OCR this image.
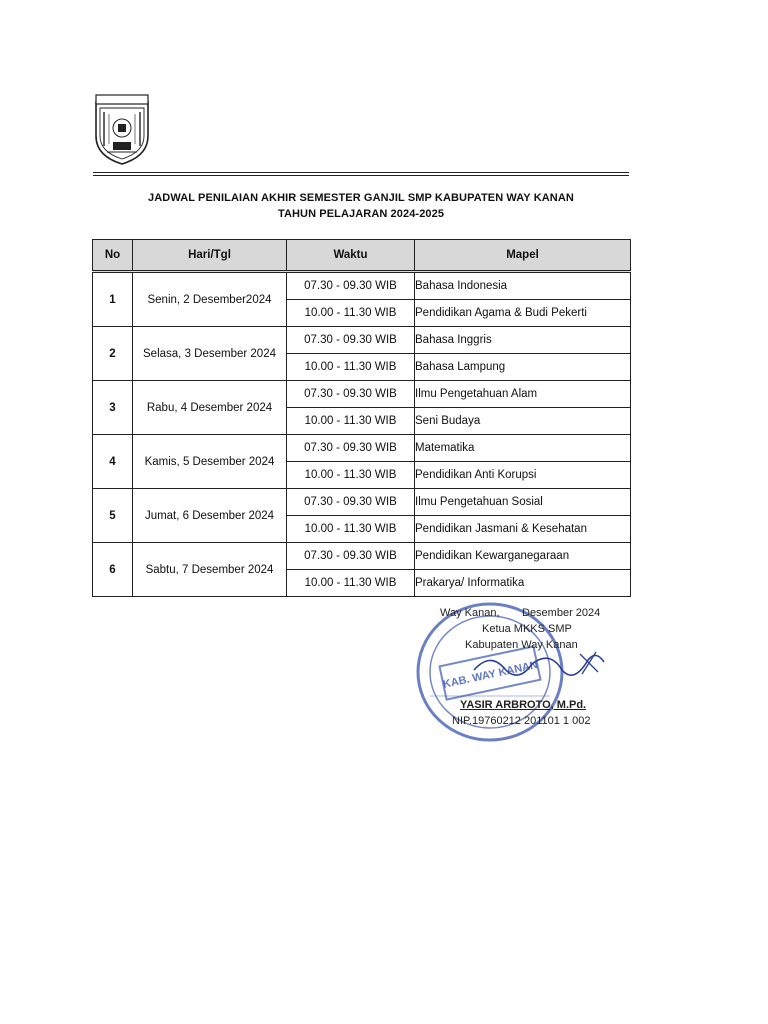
JADWAL PENILAIAN AKHIR SEMESTER GANJIL SMP KABUPATEN WAY KANAN
TAHUN PELAJARAN 2024-2025
No	Hari/Tgl	Waktu	Mapel
1	Senin, 2 Desember2024	07.30 - 09.30 WIB	Bahasa Indonesia
		10.00 - 11.30 WIB	Pendidikan Agama & Budi Pekerti
2	Selasa, 3 Desember 2024	07.30 - 09.30 WIB	Bahasa Inggris
		10.00 - 11.30 WIB	Bahasa Lampung
3	Rabu, 4 Desember 2024	07.30 - 09.30 WIB	Ilmu Pengetahuan Alam
		10.00 - 11.30 WIB	Seni Budaya
4	Kamis, 5 Desember 2024	07.30 - 09.30 WIB	Matematika
		10.00 - 11.30 WIB	Pendidikan Anti Korupsi
5	Jumat, 6 Desember 2024	07.30 - 09.30 WIB	Ilmu Pengetahuan Sosial
		10.00 - 11.30 WIB	Pendidikan Jasmani & Kesehatan
6	Sabtu, 7 Desember 2024	07.30 - 09.30 WIB	Pendidikan Kewarganegaraan
		10.00 - 11.30 WIB	Prakarya/ Informatika
KAB. WAY KANAN
Way Kanan, Desember 2024
Ketua MKKS SMP
Kabupaten Way Kanan
YASIR ARBROTO, M.Pd.
NIP.19760212 201101 1 002
